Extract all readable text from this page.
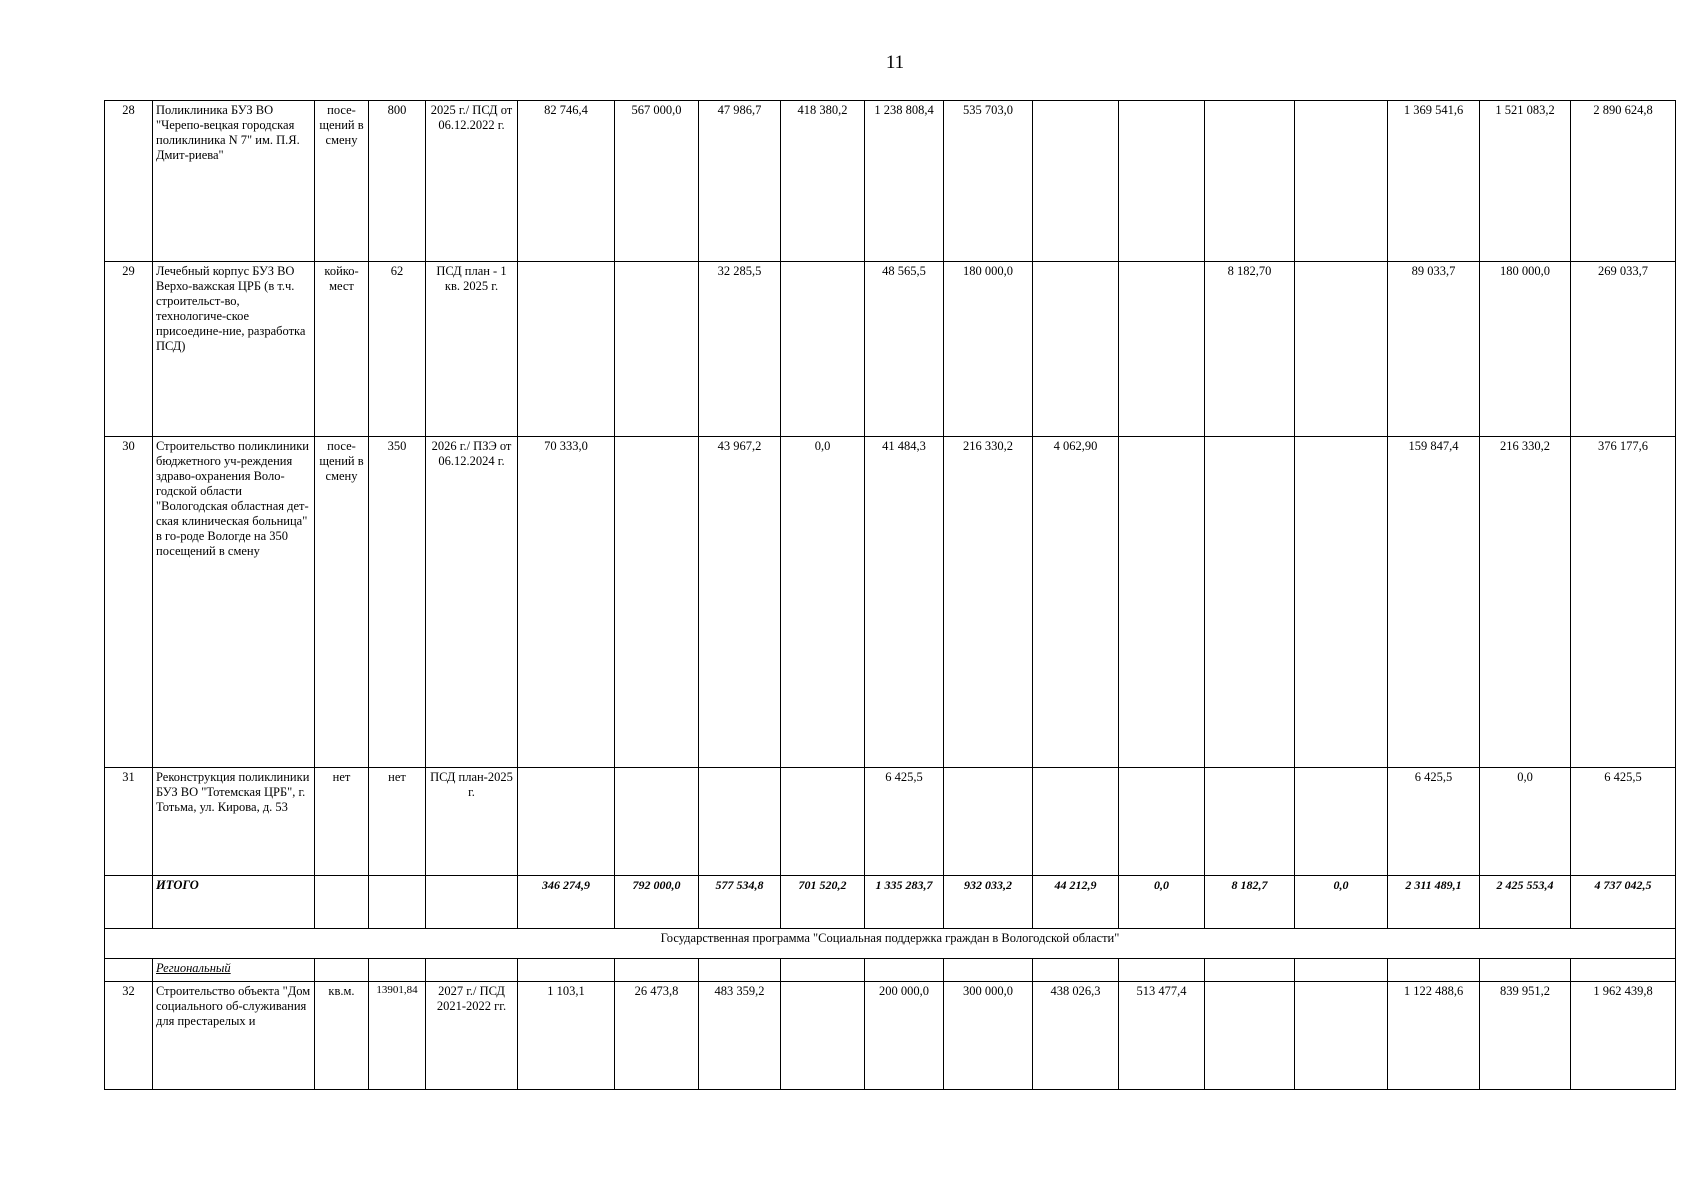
11
28	Поликлиника БУЗ ВО "Черепо-вецкая городская поликлиника N 7" им. П.Я. Дмит-риева"	посе-щений в смену	800	2025 г./ ПСД от 06.12.2022 г.	82 746,4	567 000,0	47 986,7	418 380,2	1 238 808,4	535 703,0					1 369 541,6	1 521 083,2	2 890 624,8
29	Лечебный корпус БУЗ ВО Верхо-важская ЦРБ (в т.ч. строительст-во, технологиче-ское присоедине-ние, разработка ПСД)	койко-мест	62	ПСД план - 1 кв. 2025 г.			32 285,5		48 565,5	180 000,0			8 182,70		89 033,7	180 000,0	269 033,7
30	Строительство поликлиники бюджетного уч-реждения здраво-охранения Воло-годской области "Вологодская областная дет-ская клиническая больница" в го-роде Вологде на 350 посещений в смену	посе-щений в смену	350	2026 г./ ПЗЭ от 06.12.2024 г.	70 333,0		43 967,2	0,0	41 484,3	216 330,2	4 062,90				159 847,4	216 330,2	376 177,6
31	Реконструкция поликлиники БУЗ ВО "Тотемская ЦРБ", г. Тотьма, ул. Кирова, д. 53	нет	нет	ПСД план-2025 г.					6 425,5						6 425,5	0,0	6 425,5
	ИТОГО				346 274,9	792 000,0	577 534,8	701 520,2	1 335 283,7	932 033,2	44 212,9	0,0	8 182,7	0,0	2 311 489,1	2 425 553,4	4 737 042,5
Государственная программа "Социальная поддержка граждан в Вологодской области"																	
	Региональный																
32	Строительство объекта "Дом социального об-служивания для престарелых и	кв.м.	13901,84	2027 г./ ПСД 2021-2022 гг.	1 103,1	26 473,8	483 359,2		200 000,0	300 000,0	438 026,3	513 477,4			1 122 488,6	839 951,2	1 962 439,8
